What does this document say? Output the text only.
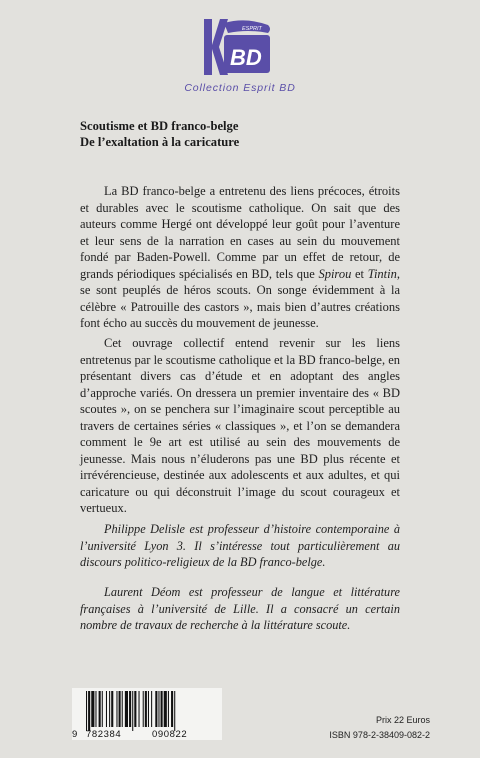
ESPRIT
BD
Collection Esprit BD
Scoutisme et BD franco-belge
De l’exaltation à la caricature
La BD franco-belge a entretenu des liens précoces, étroits et durables avec le scoutisme catholique. On sait que des auteurs comme Hergé ont développé leur goût pour l’aventure et leur sens de la narration en cases au sein du mouvement fondé par Baden-Powell. Comme par un effet de retour, de grands périodiques spécialisés en BD, tels que Spirou et Tintin, se sont peuplés de héros scouts. On songe évidemment à la célèbre « Patrouille des castors », mais bien d’autres créations font écho au succès du mouvement de jeunesse.
Cet ouvrage collectif entend revenir sur les liens entretenus par le scoutisme catholique et la BD franco-belge, en présentant divers cas d’étude et en adoptant des angles d’approche variés. On dressera un premier inventaire des « BD scoutes », on se penchera sur l’imaginaire scout perceptible au travers de certaines séries « classiques », et l’on se demandera comment le 9e art est utilisé au sein des mouvements de jeunesse. Mais nous n’éluderons pas une BD plus récente et irrévérencieuse, destinée aux adolescents et aux adultes, et qui caricature ou qui déconstruit l’image du scout courageux et vertueux.
Philippe Delisle est professeur d’histoire contemporaine à l’université Lyon 3. Il s’intéresse tout particulièrement au discours politico-religieux de la BD franco-belge.
Laurent Déom est professeur de langue et littérature françaises à l’université de Lille. Il a consacré un certain nombre de travaux de recherche à la littérature scoute.
9 782384	090822
Prix 22 Euros
ISBN 978-2-38409-082-2
